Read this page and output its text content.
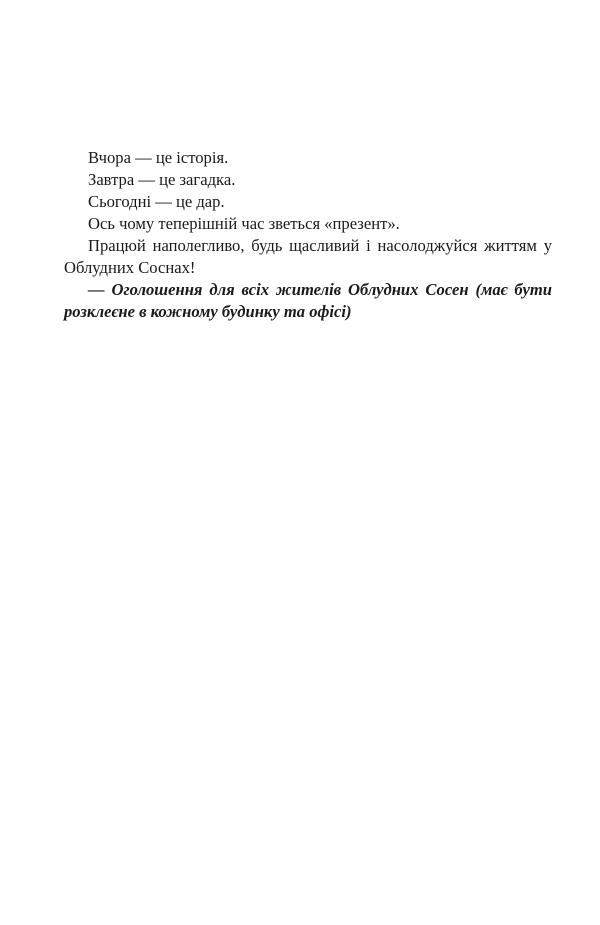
Вчора — це історія.

Завтра — це загадка.

Сьогодні — це дар.

Ось чому теперішній час зветься «презент».

Працюй наполегливо, будь щасливий і насолоджуйся життям у Облудних Соснах!

— Оголошення для всіх жителів Облудних Сосен (має бути розклеєне в кожному будинку та офісі)
